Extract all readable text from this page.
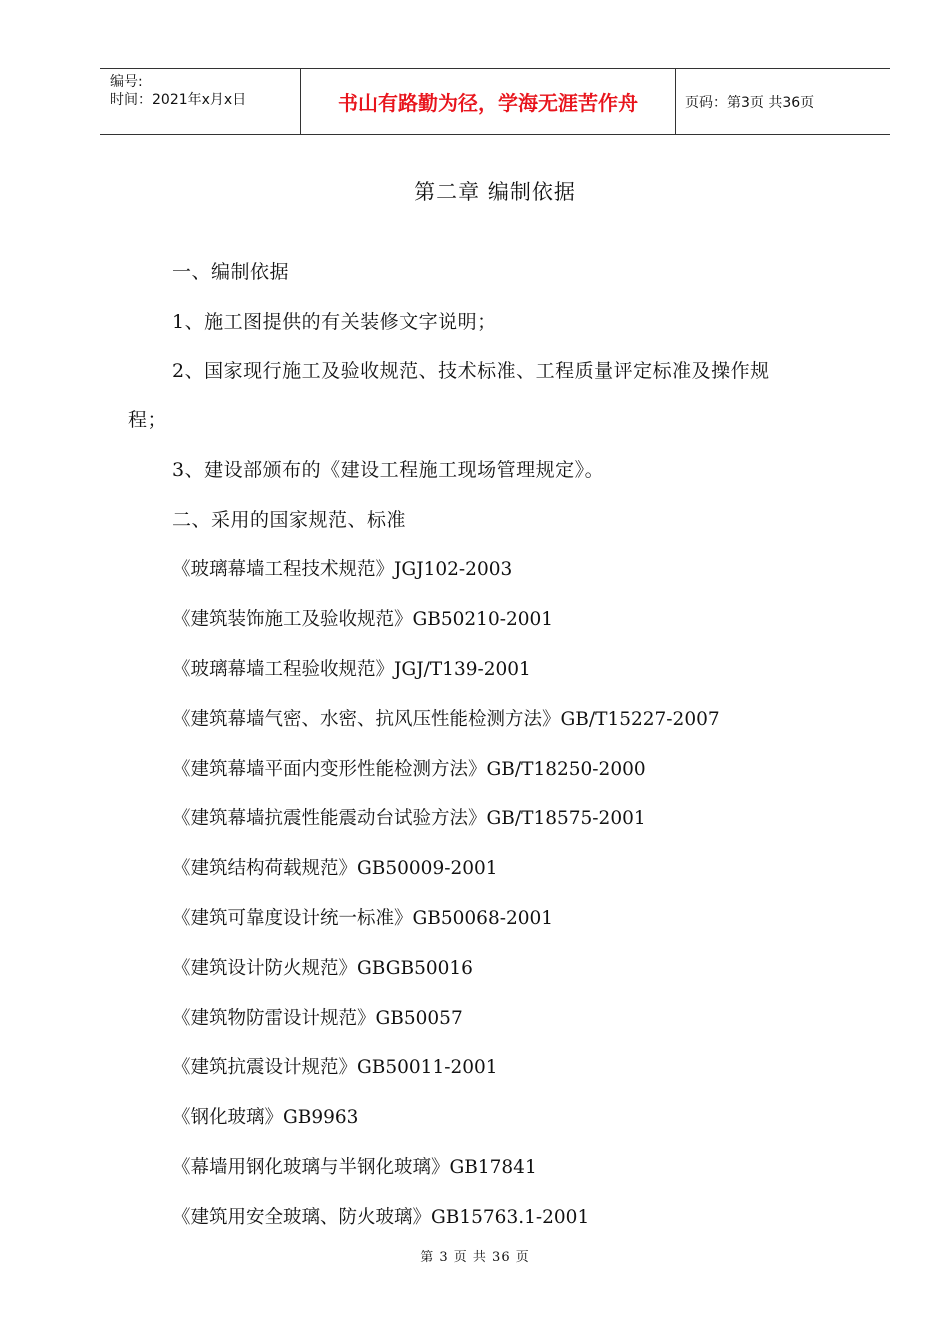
编号:
时间：2021年x月x日	书山有路勤为径，学海无涯苦作舟	页码：第3页 共36页
第二章 编制依据
一、编制依据
1、施工图提供的有关装修文字说明；
2、国家现行施工及验收规范、技术标准、工程质量评定标准及操作规
程；
3、建设部颁布的《建设工程施工现场管理规定》。
二、采用的国家规范、标准
《玻璃幕墙工程技术规范》JGJ102-2003
《建筑装饰施工及验收规范》GB50210-2001
《玻璃幕墙工程验收规范》JGJ/T139-2001
《建筑幕墙气密、水密、抗风压性能检测方法》GB/T15227-2007
《建筑幕墙平面内变形性能检测方法》GB/T18250-2000
《建筑幕墙抗震性能震动台试验方法》GB/T18575-2001
《建筑结构荷载规范》GB50009-2001
《建筑可靠度设计统一标准》GB50068-2001
《建筑设计防火规范》GBGB50016
《建筑物防雷设计规范》GB50057
《建筑抗震设计规范》GB50011-2001
《钢化玻璃》GB9963
《幕墙用钢化玻璃与半钢化玻璃》GB17841
《建筑用安全玻璃、防火玻璃》GB15763.1-2001
第 3 页 共 36 页
